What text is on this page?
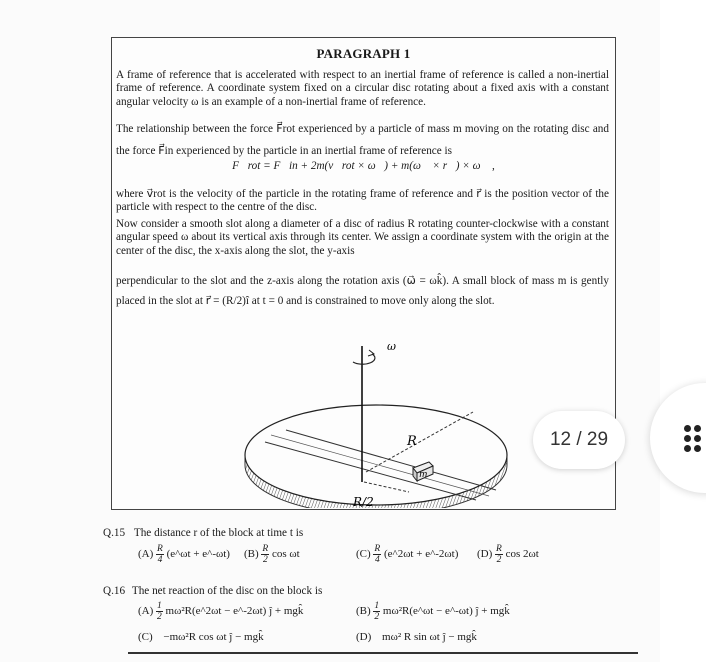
PARAGRAPH 1

A frame of reference that is accelerated with respect to an inertial frame of reference is called a non-inertial frame of reference. A coordinate system fixed on a circular disc rotating about a fixed axis with a constant angular velocity ω is an example of a non-inertial frame of reference.

The relationship between the force F⃗rot experienced by a particle of mass m moving on the rotating disc and the force F⃗in experienced by the particle in an inertial frame of reference is

F⃗rot = F⃗in + 2m(v⃗rot × ω⃗) + m(ω⃗ × r⃗) × ω⃗ ,

where v⃗rot is the velocity of the particle in the rotating frame of reference and r⃗ is the position vector of the particle with respect to the centre of the disc.

Now consider a smooth slot along a diameter of a disc of radius R rotating counter-clockwise with a constant angular speed ω about its vertical axis through its center. We assign a coordinate system with the origin at the center of the disc, the x-axis along the slot, the y-axis

perpendicular to the slot and the z-axis along the rotation axis (ω⃗ = ωk̂). A small block of mass m is gently placed in the slot at r⃗ = (R/2)î at t = 0 and is constrained to move only along the slot.

ω
R
m
R/2
Q.15 The distance r of the block at time t is
$(A) \frac{R}{4}$ (e^ωt + e^-ωt) $(B) \frac{R}{2}$ cos ωt	$(C) \frac{R}{4}$ (e^2ωt + e^-2ωt) $(D) \frac{R}{2}$ cos 2ωt
Q.16 The net reaction of the disc on the block is
$(A) \frac{1}{2}$ mω²R(e^2ωt − e^-2ωt) ĵ + mgk̂	$(B) \frac{1}{2}$ mω²R(e^ωt − e^-ωt) ĵ + mgk̂
(C) −mω²R cos ωt ĵ − mgk̂	(D) mω² R sin ωt ĵ − mgk̂
12 / 29
